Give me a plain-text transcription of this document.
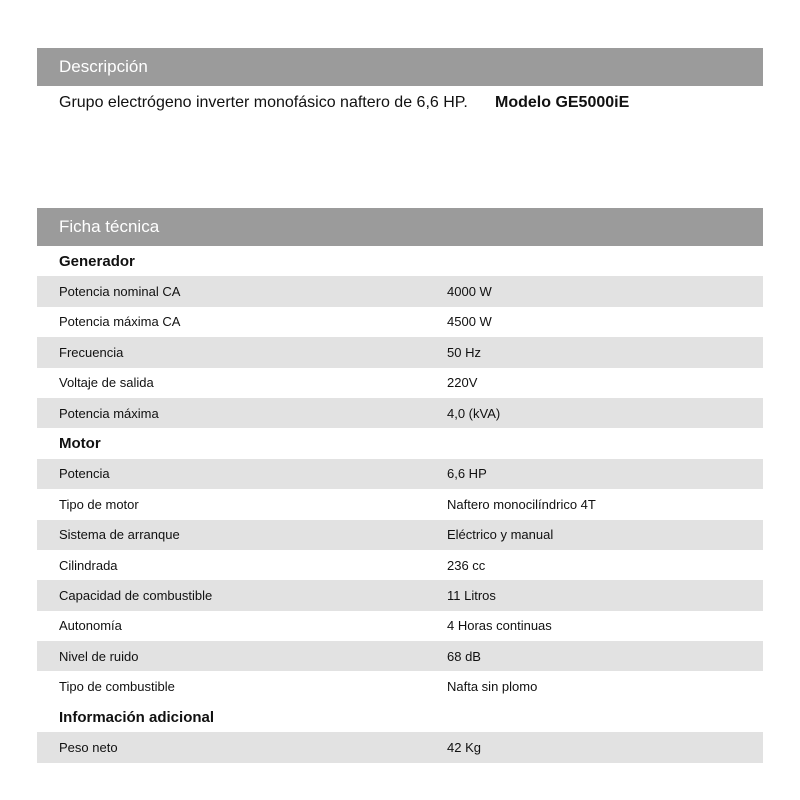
Descripción
Grupo electrógeno inverter monofásico naftero de 6,6 HP.	Modelo GE5000iE
Ficha técnica
Generador	
Potencia nominal CA	4000 W
Potencia máxima CA	4500 W
Frecuencia	50 Hz
Voltaje de salida	220V
Potencia máxima	4,0 (kVA)
Motor	
Potencia	6,6 HP
Tipo de motor	Naftero monocilíndrico 4T
Sistema de arranque	Eléctrico y manual
Cilindrada	236 cc
Capacidad de combustible	11 Litros
Autonomía	4 Horas continuas
Nivel de ruido	68 dB
Tipo de combustible	Nafta sin plomo
Información adicional	
Peso neto	42 Kg
